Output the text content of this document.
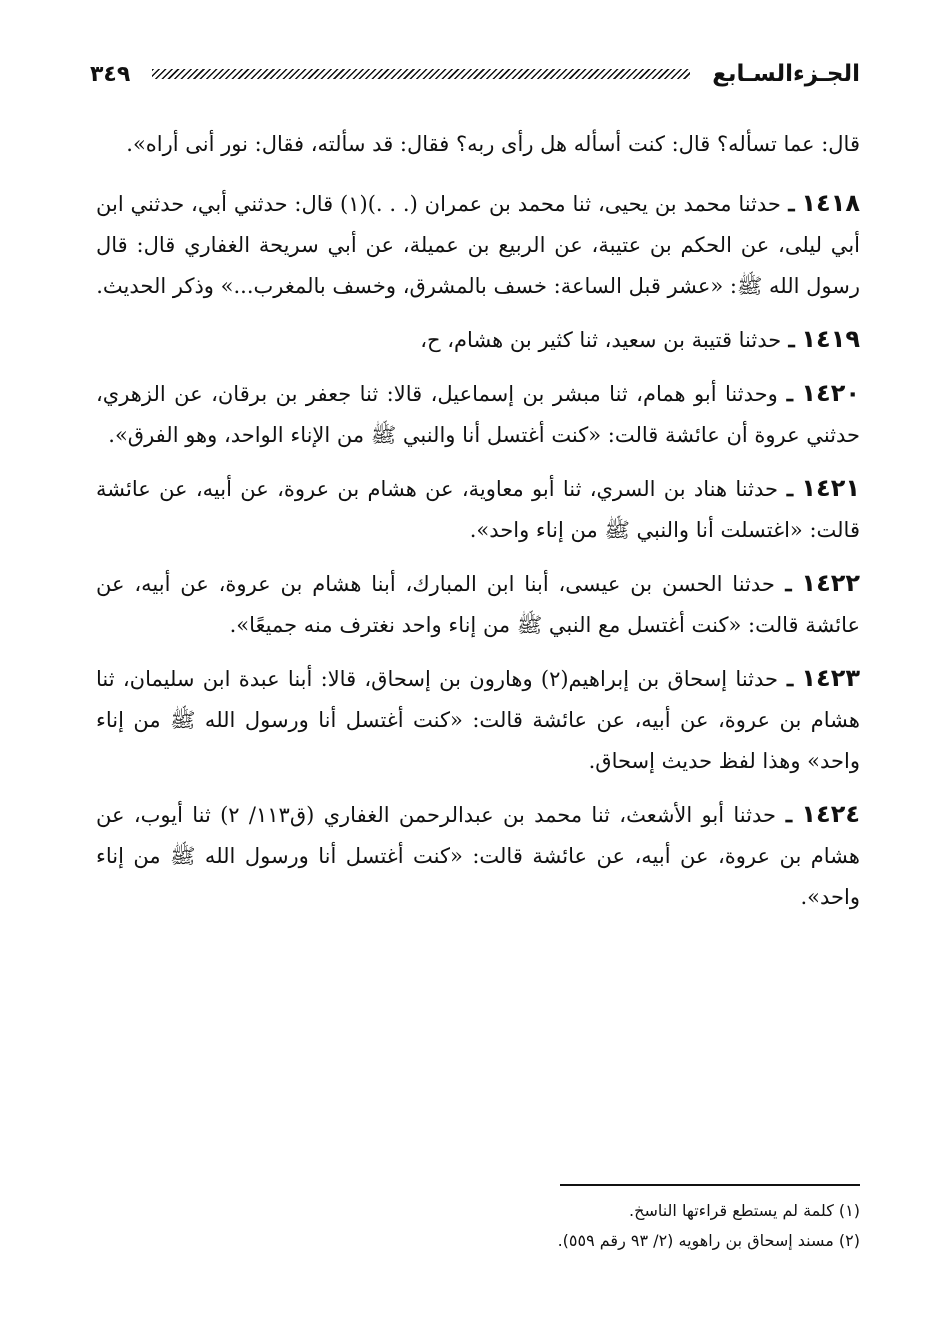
الجـزءالسـابع
٣٤٩

قال: عما تسأله؟ قال: كنت أسأله هل رأى ربه؟ فقال: قد سألته، فقال: نور أنى أراه».

١٤١٨ ـ حدثنا محمد بن يحيى، ثنا محمد بن عمران (. . .)(١) قال: حدثني أبي، حدثني ابن أبي ليلى، عن الحكم بن عتيبة، عن الربيع بن عميلة، عن أبي سريحة الغفاري قال: قال رسول الله ﷺ: «عشر قبل الساعة: خسف بالمشرق، وخسف بالمغرب...» وذكر الحديث.

١٤١٩ ـ حدثنا قتيبة بن سعيد، ثنا كثير بن هشام، ح،

١٤٢٠ ـ وحدثنا أبو همام، ثنا مبشر بن إسماعيل، قالا: ثنا جعفر بن برقان، عن الزهري، حدثني عروة أن عائشة قالت: «كنت أغتسل أنا والنبي ﷺ من الإناء الواحد، وهو الفرق».

١٤٢١ ـ حدثنا هناد بن السري، ثنا أبو معاوية، عن هشام بن عروة، عن أبيه، عن عائشة قالت: «اغتسلت أنا والنبي ﷺ من إناء واحد».

١٤٢٢ ـ حدثنا الحسن بن عيسى، أبنا ابن المبارك، أبنا هشام بن عروة، عن أبيه، عن عائشة قالت: «كنت أغتسل مع النبي ﷺ من إناء واحد نغترف منه جميعًا».

١٤٢٣ ـ حدثنا إسحاق بن إبراهيم(٢) وهارون بن إسحاق، قالا: أبنا عبدة ابن سليمان، ثنا هشام بن عروة، عن أبيه، عن عائشة قالت: «كنت أغتسل أنا ورسول الله ﷺ من إناء واحد» وهذا لفظ حديث إسحاق.

١٤٢٤ ـ حدثنا أبو الأشعث، ثنا محمد بن عبدالرحمن الغفاري (ق١١٣/ ٢) ثنا أيوب، عن هشام بن عروة، عن أبيه، عن عائشة قالت: «كنت أغتسل أنا ورسول الله ﷺ من إناء واحد».

(١) كلمة لم يستطع قراءتها الناسخ.
(٢) مسند إسحاق بن راهويه (٢/ ٩٣ رقم ٥٥٩).
